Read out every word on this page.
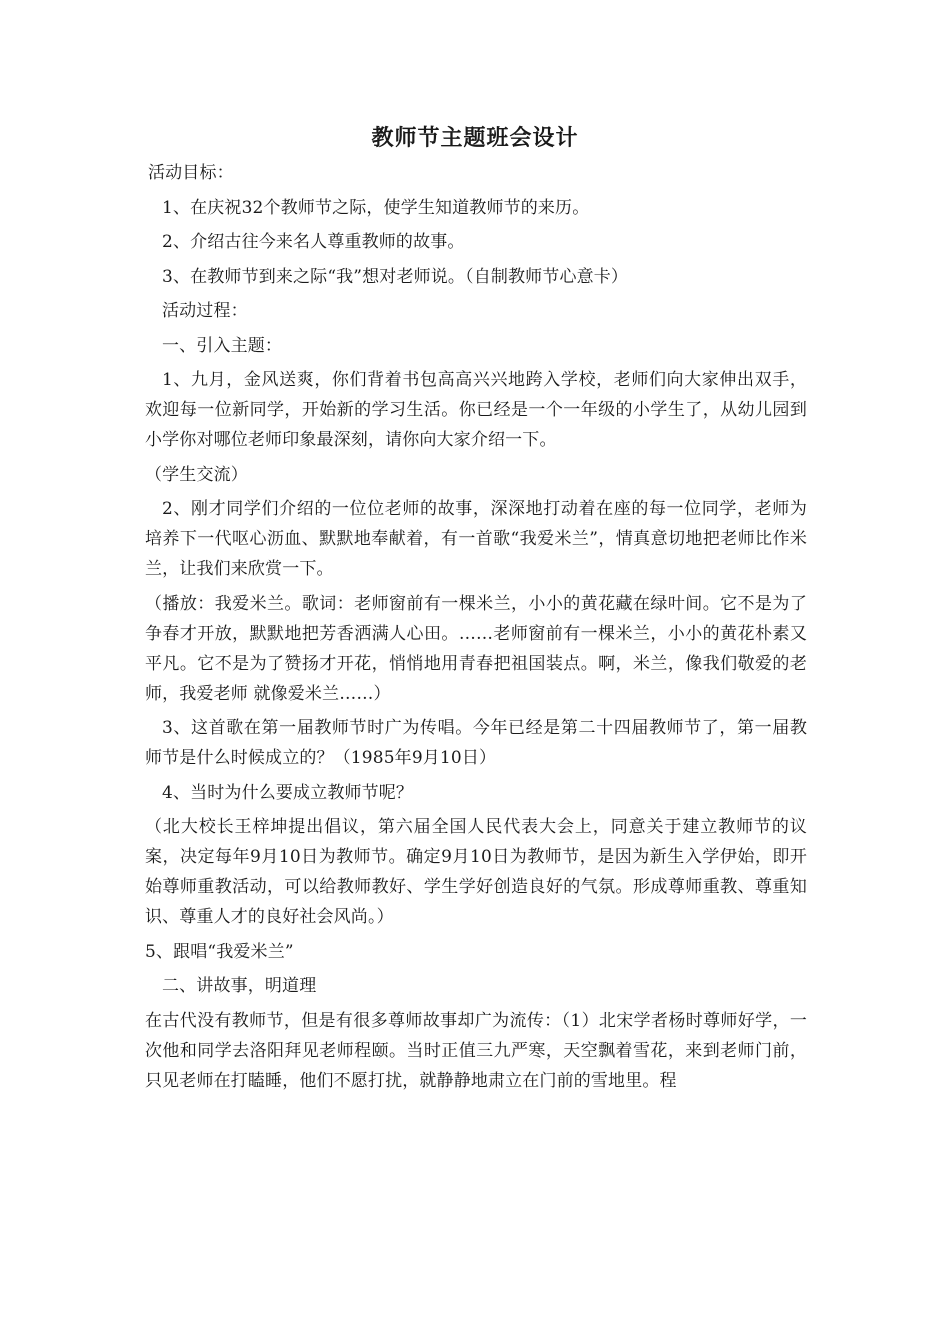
教师节主题班会设计

活动目标：

1、在庆祝32个教师节之际，使学生知道教师节的来历。

2、介绍古往今来名人尊重教师的故事。

3、在教师节到来之际“我”想对老师说。（自制教师节心意卡）

活动过程：

一、引入主题：

1、九月，金风送爽，你们背着书包高高兴兴地跨入学校，老师们向大家伸出双手，欢迎每一位新同学，开始新的学习生活。你已经是一个一年级的小学生了，从幼儿园到小学你对哪位老师印象最深刻，请你向大家介绍一下。

（学生交流）

2、刚才同学们介绍的一位位老师的故事，深深地打动着在座的每一位同学，老师为培养下一代呕心沥血、默默地奉献着，有一首歌“我爱米兰”，情真意切地把老师比作米兰，让我们来欣赏一下。

（播放：我爱米兰。歌词：老师窗前有一棵米兰，小小的黄花藏在绿叶间。它不是为了争春才开放，默默地把芳香洒满人心田。……老师窗前有一棵米兰，小小的黄花朴素又平凡。它不是为了赞扬才开花，悄悄地用青春把祖国装点。啊，米兰，像我们敬爱的老师，我爱老师 就像爱米兰……）

3、这首歌在第一届教师节时广为传唱。今年已经是第二十四届教师节了，第一届教师节是什么时候成立的？（1985年9月10日）

4、当时为什么要成立教师节呢？

（北大校长王梓坤提出倡议，第六届全国人民代表大会上，同意关于建立教师节的议案，决定每年9月10日为教师节。确定9月10日为教师节，是因为新生入学伊始，即开始尊师重教活动，可以给教师教好、学生学好创造良好的气氛。形成尊师重教、尊重知识、尊重人才的良好社会风尚。）

5、跟唱“我爱米兰”

二、讲故事，明道理

在古代没有教师节，但是有很多尊师故事却广为流传：（1）北宋学者杨时尊师好学，一次他和同学去洛阳拜见老师程颐。当时正值三九严寒，天空飘着雪花，来到老师门前，只见老师在打瞌睡，他们不愿打扰，就静静地肃立在门前的雪地里。程
